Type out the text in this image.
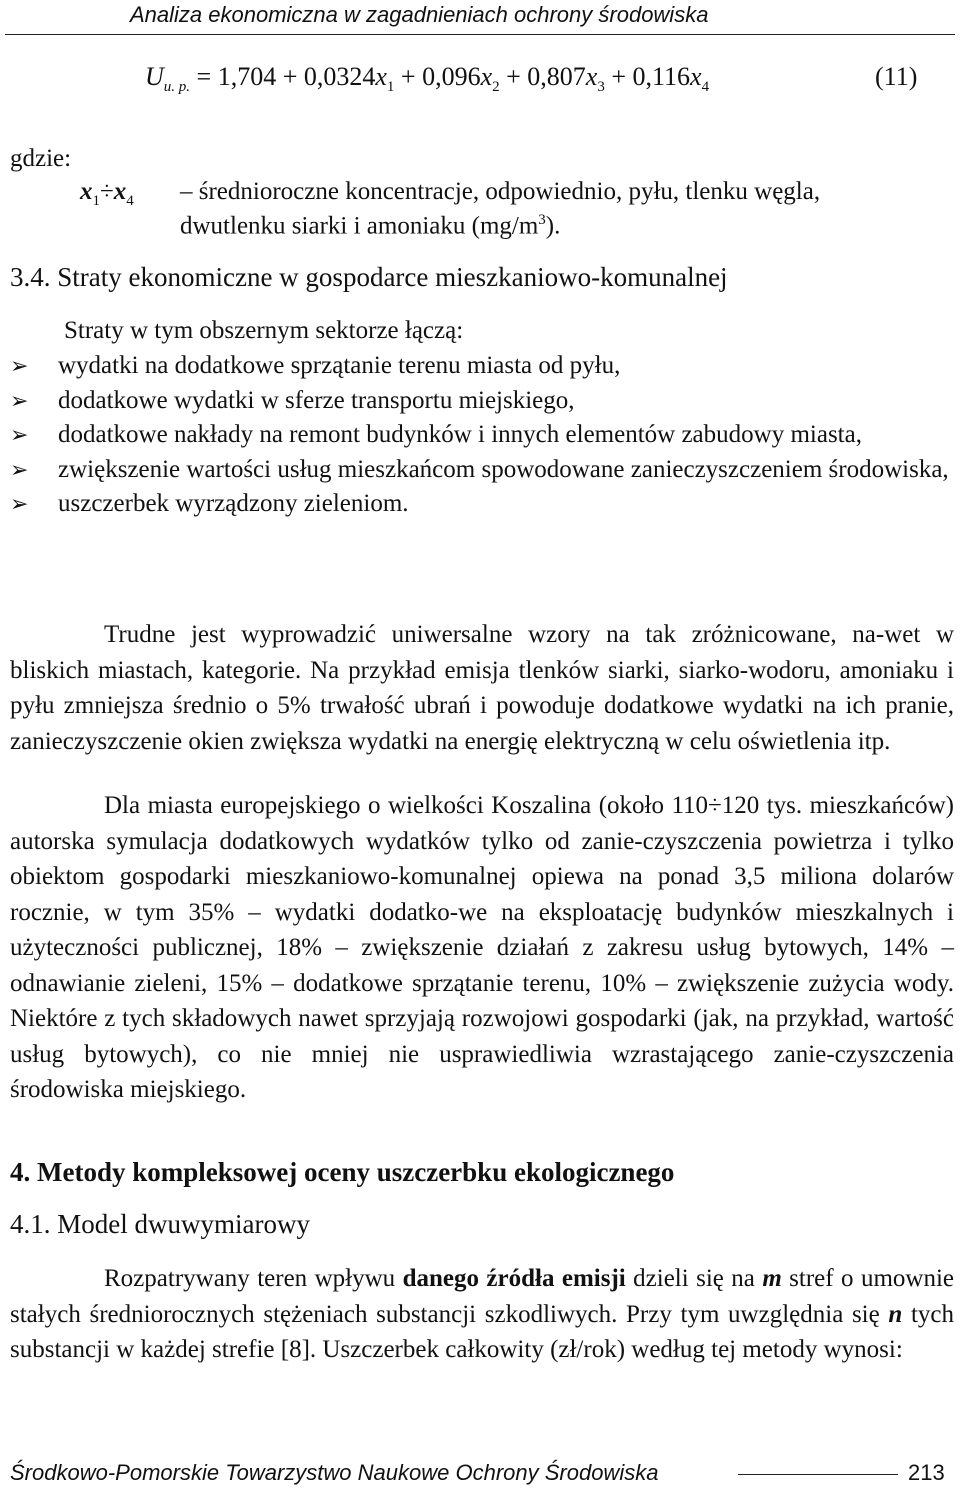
Analiza ekonomiczna w zagadnieniach ochrony środowiska
$U_{u. p.} = 1,704 + 0,0324x_1 + 0,096x_2 + 0,807x_3 + 0,116x_4$	(11)
gdzie:
$x_1\div x_4$ – średnioroczne koncentracje, odpowiednio, pyłu, tlenku węgla,
dwutlenku siarki i amoniaku $(mg/m^3)$.
3.4. Straty ekonomiczne w gospodarce mieszkaniowo-komunalnej
Straty w tym obszernym sektorze łączą:
➢ wydatki na dodatkowe sprzątanie terenu miasta od pyłu,
➢ dodatkowe wydatki w sferze transportu miejskiego,
➢ dodatkowe nakłady na remont budynków i innych elementów zabudowy miasta,
➢ zwiększenie wartości usług mieszkańcom spowodowane zanieczyszczeniem środowiska,
➢ uszczerbek wyrządzony zieleniom.
Trudne jest wyprowadzić uniwersalne wzory na tak zróżnicowane, na-wet w bliskich miastach, kategorie. Na przykład emisja tlenków siarki, siarko-wodoru, amoniaku i pyłu zmniejsza średnio o 5% trwałość ubrań i powoduje dodatkowe wydatki na ich pranie, zanieczyszczenie okien zwiększa wydatki na energię elektryczną w celu oświetlenia itp.
Dla miasta europejskiego o wielkości Koszalina (około 110÷120 tys. mieszkańców) autorska symulacja dodatkowych wydatków tylko od zanie-czyszczenia powietrza i tylko obiektom gospodarki mieszkaniowo-komunalnej opiewa na ponad 3,5 miliona dolarów rocznie, w tym 35% – wydatki dodatko-we na eksploatację budynków mieszkalnych i użyteczności publicznej, 18% – zwiększenie działań z zakresu usług bytowych, 14% – odnawianie zieleni, 15% – dodatkowe sprzątanie terenu, 10% – zwiększenie zużycia wody. Niektóre z tych składowych nawet sprzyjają rozwojowi gospodarki (jak, na przykład, wartość usług bytowych), co nie mniej nie usprawiedliwia wzrastającego zanie-czyszczenia środowiska miejskiego.
4. Metody kompleksowej oceny uszczerbku ekologicznego
4.1. Model dwuwymiarowy
Rozpatrywany teren wpływu danego źródła emisji dzieli się na m stref o umownie stałych średniorocznych stężeniach substancji szkodliwych. Przy tym uwzględnia się n tych substancji w każdej strefie [8]. Uszczerbek całkowity (zł/rok) według tej metody wynosi:
Środkowo-Pomorskie Towarzystwo Naukowe Ochrony Środowiska	213
